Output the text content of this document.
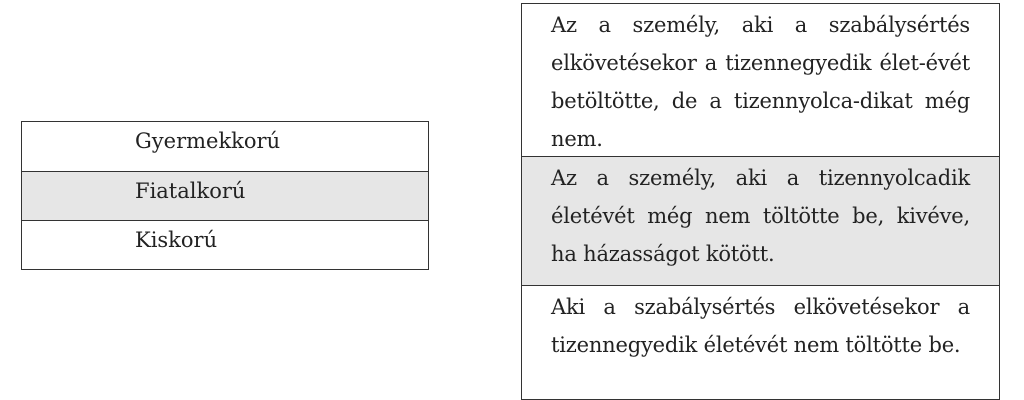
Gyermekkorú
Fiatalkorú
Kiskorú
Az a személy, aki a szabálysértés elkövetésekor a tizennegyedik élet-évét betöltötte, de a tizennyolca-dikat még nem.
Az a személy, aki a tizennyolcadik életévét még nem töltötte be, kivéve, ha házasságot kötött.
Aki a szabálysértés elkövetésekor a tizennegyedik életévét nem töltötte be.
